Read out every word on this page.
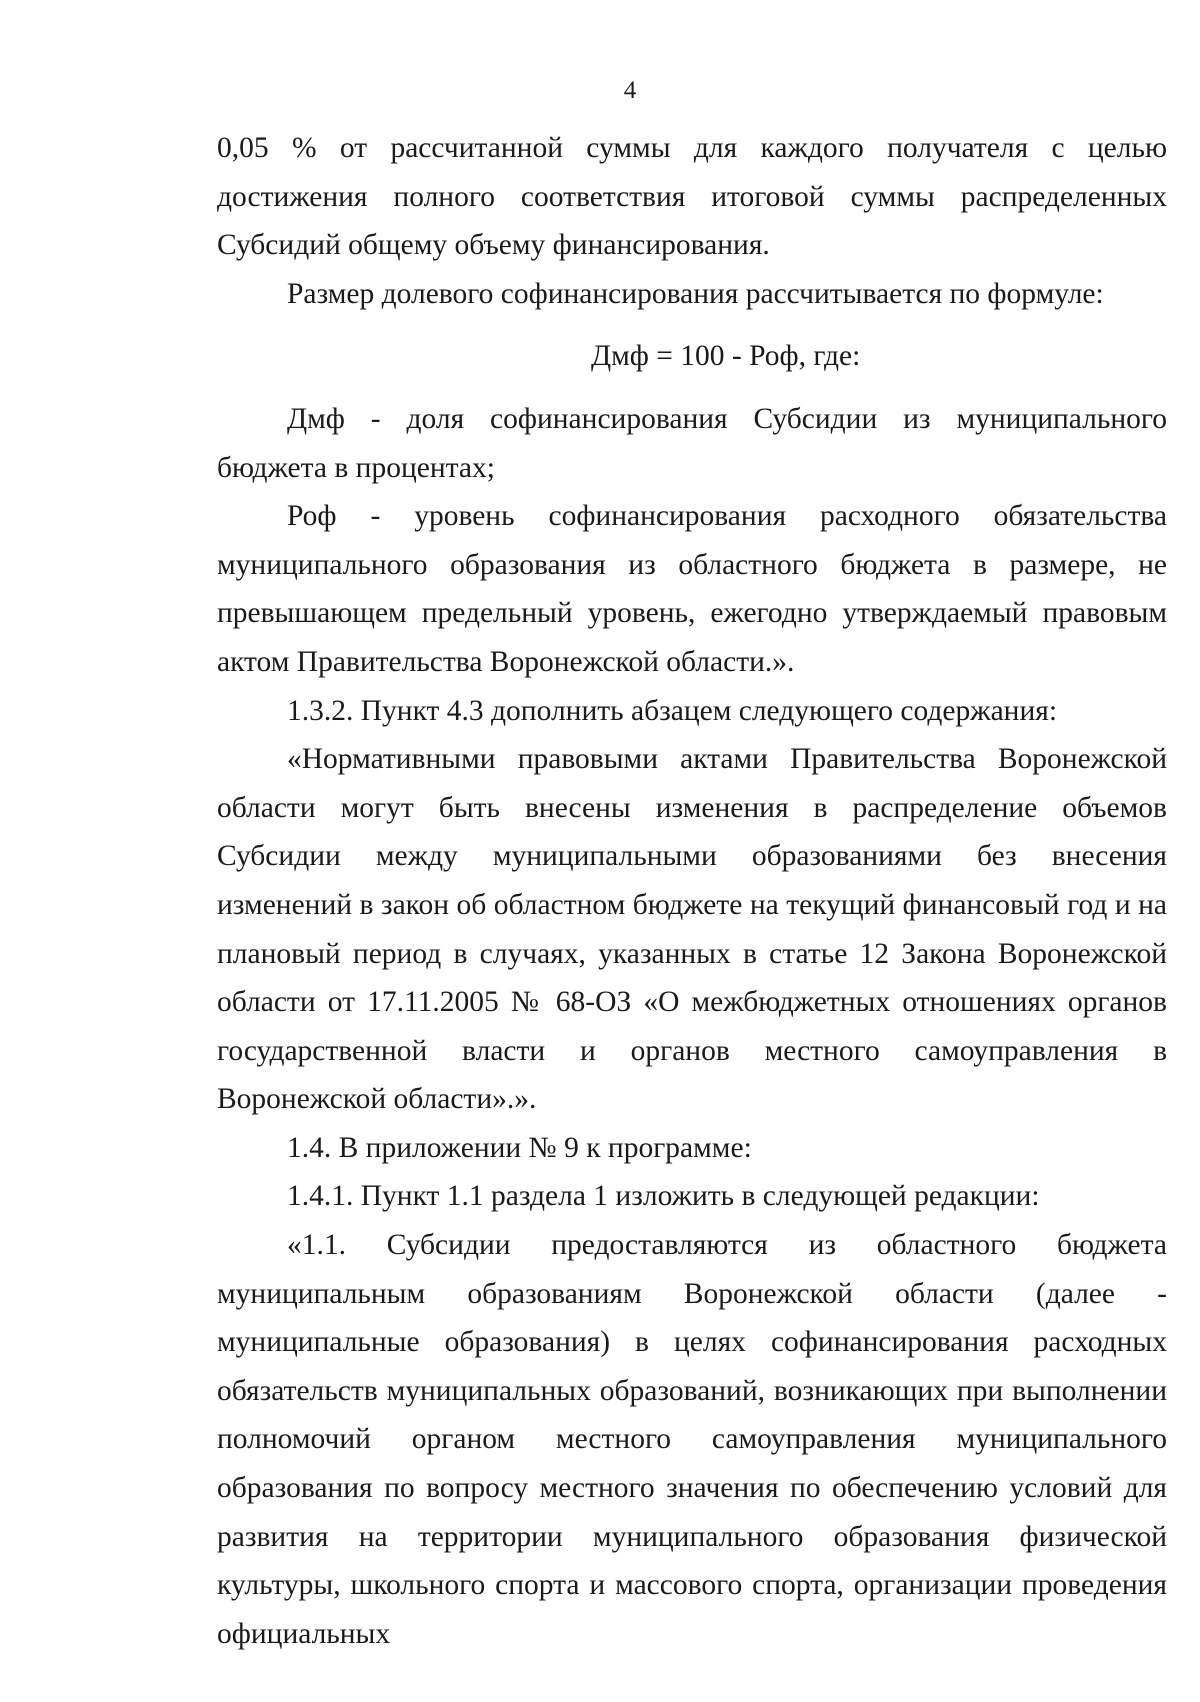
4

0,05 % от рассчитанной суммы для каждого получателя с целью достижения полного соответствия итоговой суммы распределенных Субсидий общему объему финансирования.

Размер долевого софинансирования рассчитывается по формуле:

Дмф = 100 - Роф, где:

Дмф - доля софинансирования Субсидии из муниципального бюджета в процентах;

Роф - уровень софинансирования расходного обязательства муниципального образования из областного бюджета в размере, не превышающем предельный уровень, ежегодно утверждаемый правовым актом Правительства Воронежской области.».

1.3.2. Пункт 4.3 дополнить абзацем следующего содержания:

«Нормативными правовыми актами Правительства Воронежской области могут быть внесены изменения в распределение объемов Субсидии между муниципальными образованиями без внесения изменений в закон об областном бюджете на текущий финансовый год и на плановый период в случаях, указанных в статье 12 Закона Воронежской области от 17.11.2005 № 68-ОЗ «О межбюджетных отношениях органов государственной власти и органов местного самоуправления в Воронежской области».».

1.4. В приложении № 9 к программе:

1.4.1. Пункт 1.1 раздела 1 изложить в следующей редакции:

«1.1. Субсидии предоставляются из областного бюджета муниципальным образованиям Воронежской области (далее - муниципальные образования) в целях софинансирования расходных обязательств муниципальных образований, возникающих при выполнении полномочий органом местного самоуправления муниципального образования по вопросу местного значения по обеспечению условий для развития на территории муниципального образования физической культуры, школьного спорта и массового спорта, организации проведения официальных
